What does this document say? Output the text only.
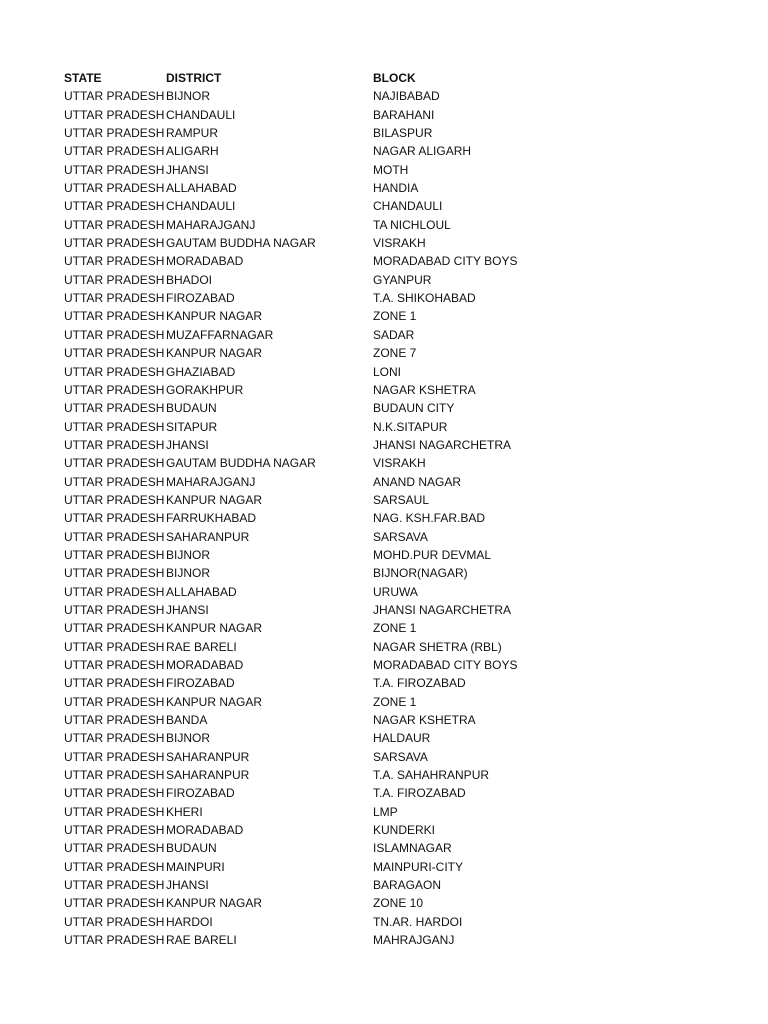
STATE	DISTRICT	BLOCK
UTTAR PRADESH	BIJNOR	NAJIBABAD
UTTAR PRADESH	CHANDAULI	BARAHANI
UTTAR PRADESH	RAMPUR	BILASPUR
UTTAR PRADESH	ALIGARH	NAGAR ALIGARH
UTTAR PRADESH	JHANSI	MOTH
UTTAR PRADESH	ALLAHABAD	HANDIA
UTTAR PRADESH	CHANDAULI	CHANDAULI
UTTAR PRADESH	MAHARAJGANJ	TA NICHLOUL
UTTAR PRADESH	GAUTAM BUDDHA NAGAR	VISRAKH
UTTAR PRADESH	MORADABAD	MORADABAD CITY BOYS
UTTAR PRADESH	BHADOI	GYANPUR
UTTAR PRADESH	FIROZABAD	T.A. SHIKOHABAD
UTTAR PRADESH	KANPUR NAGAR	ZONE 1
UTTAR PRADESH	MUZAFFARNAGAR	SADAR
UTTAR PRADESH	KANPUR NAGAR	ZONE 7
UTTAR PRADESH	GHAZIABAD	LONI
UTTAR PRADESH	GORAKHPUR	NAGAR KSHETRA
UTTAR PRADESH	BUDAUN	BUDAUN CITY
UTTAR PRADESH	SITAPUR	N.K.SITAPUR
UTTAR PRADESH	JHANSI	JHANSI NAGARCHETRA
UTTAR PRADESH	GAUTAM BUDDHA NAGAR	VISRAKH
UTTAR PRADESH	MAHARAJGANJ	ANAND NAGAR
UTTAR PRADESH	KANPUR NAGAR	SARSAUL
UTTAR PRADESH	FARRUKHABAD	NAG. KSH.FAR.BAD
UTTAR PRADESH	SAHARANPUR	SARSAVA
UTTAR PRADESH	BIJNOR	MOHD.PUR DEVMAL
UTTAR PRADESH	BIJNOR	BIJNOR(NAGAR)
UTTAR PRADESH	ALLAHABAD	URUWA
UTTAR PRADESH	JHANSI	JHANSI NAGARCHETRA
UTTAR PRADESH	KANPUR NAGAR	ZONE 1
UTTAR PRADESH	RAE BARELI	NAGAR SHETRA (RBL)
UTTAR PRADESH	MORADABAD	MORADABAD CITY BOYS
UTTAR PRADESH	FIROZABAD	T.A. FIROZABAD
UTTAR PRADESH	KANPUR NAGAR	ZONE 1
UTTAR PRADESH	BANDA	NAGAR KSHETRA
UTTAR PRADESH	BIJNOR	HALDAUR
UTTAR PRADESH	SAHARANPUR	SARSAVA
UTTAR PRADESH	SAHARANPUR	T.A. SAHAHRANPUR
UTTAR PRADESH	FIROZABAD	T.A. FIROZABAD
UTTAR PRADESH	KHERI	LMP
UTTAR PRADESH	MORADABAD	KUNDERKI
UTTAR PRADESH	BUDAUN	ISLAMNAGAR
UTTAR PRADESH	MAINPURI	MAINPURI-CITY
UTTAR PRADESH	JHANSI	BARAGAON
UTTAR PRADESH	KANPUR NAGAR	ZONE 10
UTTAR PRADESH	HARDOI	TN.AR. HARDOI
UTTAR PRADESH	RAE BARELI	MAHRAJGANJ
